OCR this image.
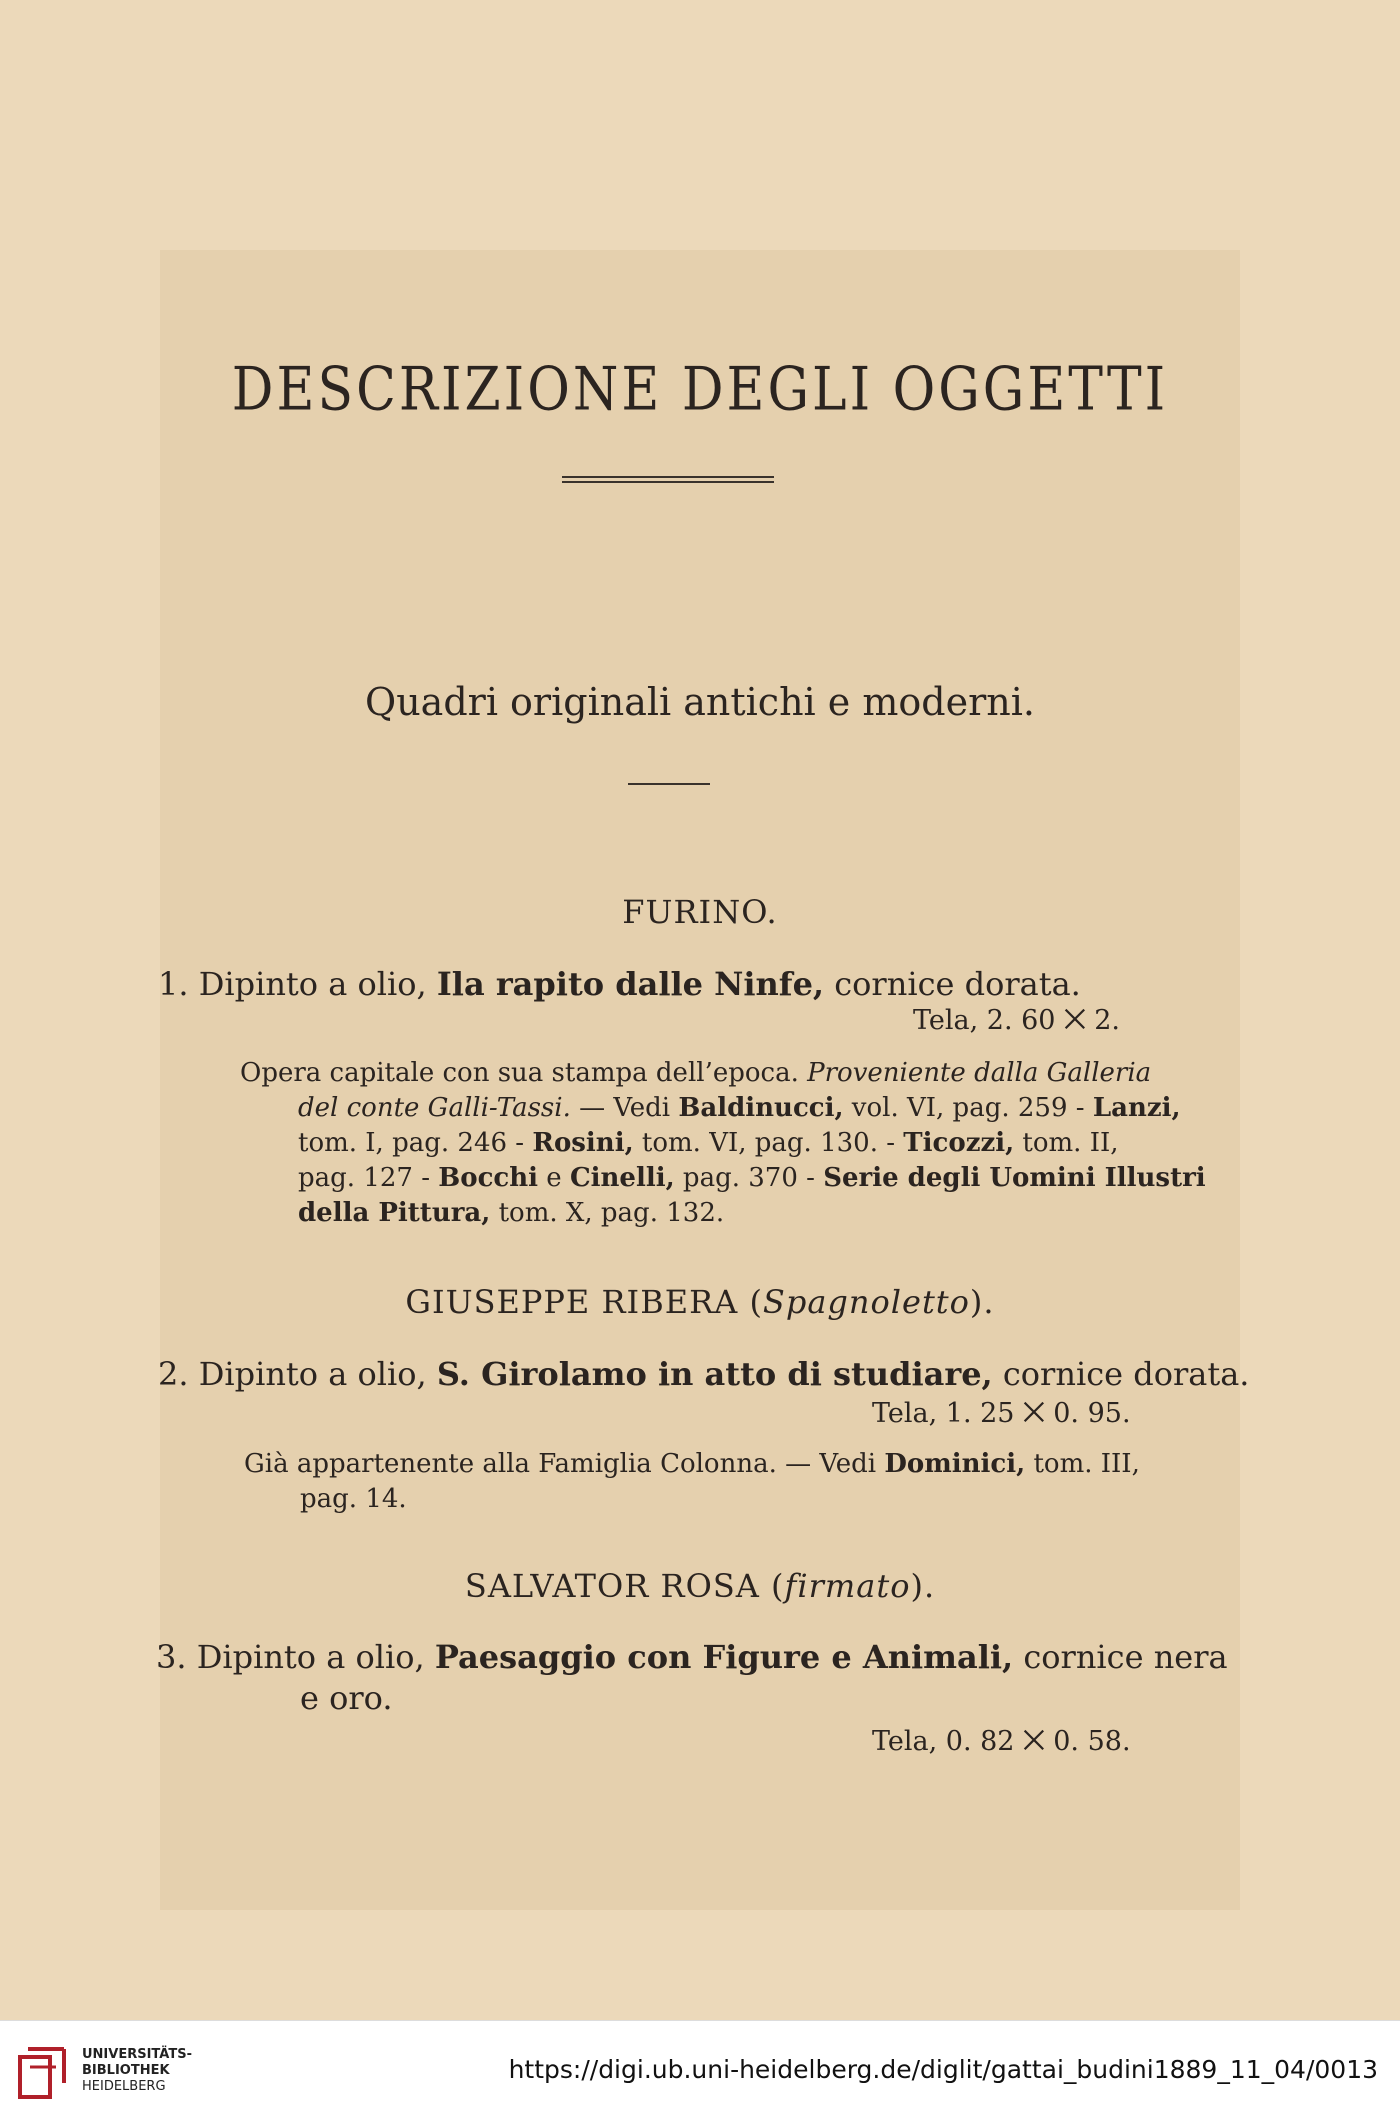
DESCRIZIONE DEGLI OGGETTI
Quadri originali antichi e moderni.
FURINO.
1. Dipinto a olio, Ila rapito dalle Ninfe, cornice dorata.
Tela, 2. 60 ⨉ 2.
Opera capitale con sua stampa dell’epoca. Proveniente dalla Galleria
del conte Galli-Tassi. — Vedi Baldinucci, vol. VI, pag. 259 - Lanzi,
tom. I, pag. 246 - Rosini, tom. VI, pag. 130. - Ticozzi, tom. II,
pag. 127 - Bocchi e Cinelli, pag. 370 - Serie degli Uomini Illustri
della Pittura, tom. X, pag. 132.
GIUSEPPE RIBERA (Spagnoletto).
2. Dipinto a olio, S. Girolamo in atto di studiare, cornice dorata.
Tela, 1. 25 ⨉ 0. 95.
Già appartenente alla Famiglia Colonna. — Vedi Dominici, tom. III,
pag. 14.
SALVATOR ROSA (firmato).
3. Dipinto a olio, Paesaggio con Figure e Animali, cornice nera
e oro.
Tela, 0. 82 ⨉ 0. 58.
UNIVERSITÄTS-
BIBLIOTHEK
HEIDELBERG
https://digi.ub.uni-heidelberg.de/diglit/gattai_budini1889_11_04/0013
